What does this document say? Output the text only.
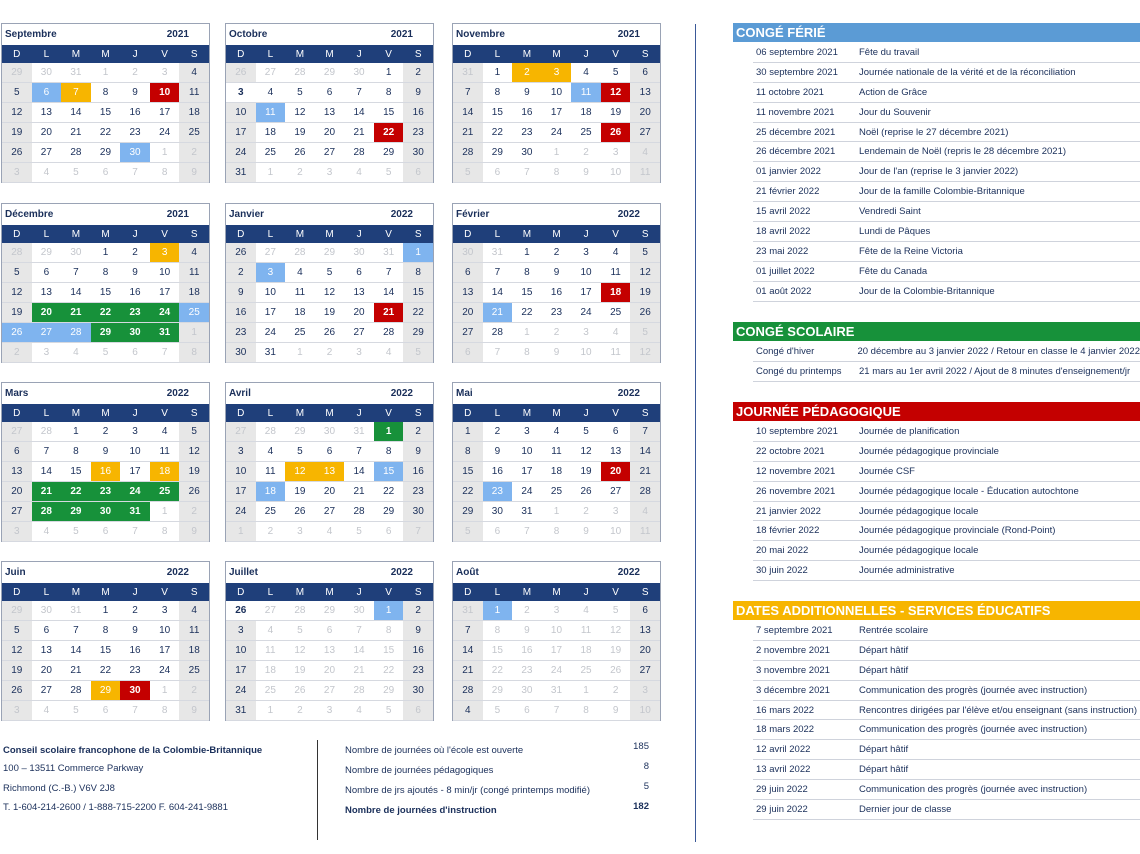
Septembre	2021
D	L	M	M	J	V	S
29	30	31	1	2	3	4
5	6	7	8	9	10	11
12	13	14	15	16	17	18
19	20	21	22	23	24	25
26	27	28	29	30	1	2
3	4	5	6	7	8	9
Octobre	2021
D	L	M	M	J	V	S
26	27	28	29	30	1	2
3	4	5	6	7	8	9
10	11	12	13	14	15	16
17	18	19	20	21	22	23
24	25	26	27	28	29	30
31	1	2	3	4	5	6
Novembre	2021
D	L	M	M	J	V	S
31	1	2	3	4	5	6
7	8	9	10	11	12	13
14	15	16	17	18	19	20
21	22	23	24	25	26	27
28	29	30	1	2	3	4
5	6	7	8	9	10	11
Décembre	2021
D	L	M	M	J	V	S
28	29	30	1	2	3	4
5	6	7	8	9	10	11
12	13	14	15	16	17	18
19	20	21	22	23	24	25
26	27	28	29	30	31	1
2	3	4	5	6	7	8
Janvier	2022
D	L	M	M	J	V	S
26	27	28	29	30	31	1
2	3	4	5	6	7	8
9	10	11	12	13	14	15
16	17	18	19	20	21	22
23	24	25	26	27	28	29
30	31	1	2	3	4	5
Février	2022
D	L	M	M	J	V	S
30	31	1	2	3	4	5
6	7	8	9	10	11	12
13	14	15	16	17	18	19
20	21	22	23	24	25	26
27	28	1	2	3	4	5
6	7	8	9	10	11	12
Mars	2022
D	L	M	M	J	V	S
27	28	1	2	3	4	5
6	7	8	9	10	11	12
13	14	15	16	17	18	19
20	21	22	23	24	25	26
27	28	29	30	31	1	2
3	4	5	6	7	8	9
Avril	2022
D	L	M	M	J	V	S
27	28	29	30	31	1	2
3	4	5	6	7	8	9
10	11	12	13	14	15	16
17	18	19	20	21	22	23
24	25	26	27	28	29	30
1	2	3	4	5	6	7
Mai	2022
D	L	M	M	J	V	S
1	2	3	4	5	6	7
8	9	10	11	12	13	14
15	16	17	18	19	20	21
22	23	24	25	26	27	28
29	30	31	1	2	3	4
5	6	7	8	9	10	11
Juin	2022
D	L	M	M	J	V	S
29	30	31	1	2	3	4
5	6	7	8	9	10	11
12	13	14	15	16	17	18
19	20	21	22	23	24	25
26	27	28	29	30	1	2
3	4	5	6	7	8	9
Juillet	2022
D	L	M	M	J	V	S
26	27	28	29	30	1	2
3	4	5	6	7	8	9
10	11	12	13	14	15	16
17	18	19	20	21	22	23
24	25	26	27	28	29	30
31	1	2	3	4	5	6
Août	2022
D	L	M	M	J	V	S
31	1	2	3	4	5	6
7	8	9	10	11	12	13
14	15	16	17	18	19	20
21	22	23	24	25	26	27
28	29	30	31	1	2	3
4	5	6	7	8	9	10
CONGÉ FÉRIÉ
06 septembre 2021	Fête du travail
30 septembre 2021	Journée nationale de la vérité et de la réconciliation
11 octobre 2021	Action de Grâce
11 novembre 2021	Jour du Souvenir
25 décembre 2021	Noël (reprise le 27 décembre 2021)
26 décembre 2021	Lendemain de Noël (repris le 28 décembre 2021)
01 janvier 2022	Jour de l'an (reprise le 3 janvier 2022)
21 février 2022	Jour de la famille Colombie-Britannique
15 avril 2022	Vendredi Saint
18 avril 2022	Lundi de Pâques
23 mai 2022	Fête de la Reine Victoria
01 juillet 2022	Fête du Canada
01 août 2022	Jour de la Colombie-Britannique
CONGÉ SCOLAIRE
Congé d'hiver	20 décembre au 3 janvier 2022 / Retour en classe le 4 janvier 2022
Congé du printemps	21 mars au 1er avril 2022 / Ajout de 8 minutes d'enseignement/jr
JOURNÉE PÉDAGOGIQUE
10 septembre 2021	Journée de planification
22 octobre 2021	Journée pédagogique provinciale
12 novembre 2021	Journée CSF
26 novembre 2021	Journée pédagogique locale - Éducation autochtone
21 janvier 2022	Journée pédagogique locale
18 février 2022	Journée pédagogique provinciale (Rond-Point)
20 mai 2022	Journée pédagogique locale
30 juin 2022	Journée administrative
DATES ADDITIONNELLES - SERVICES ÉDUCATIFS
7 septembre 2021	Rentrée scolaire
2 novembre 2021	Départ hâtif
3 novembre 2021	Départ hâtif
3 décembre 2021	Communication des progrès (journée avec instruction)
16 mars 2022	Rencontres dirigées par l'élève et/ou enseignant (sans instruction)
18 mars 2022	Communication des progrès (journée avec instruction)
12 avril 2022	Départ hâtif
13 avril 2022	Départ hâtif
29 juin 2022	Communication des progrès (journée avec instruction)
29 juin 2022	Dernier jour de classe
Conseil scolaire francophone de la Colombie-Britannique
100 – 13511 Commerce Parkway
Richmond (C.-B.) V6V 2J8
T. 1-604-214-2600 / 1-888-715-2200 F. 604-241-9881
Nombre de journées où l'école est ouverte	185
Nombre de journées pédagogiques	8
Nombre de jrs ajoutés - 8 min/jr (congé printemps modifié)	5
Nombre de journées d'instruction	182
